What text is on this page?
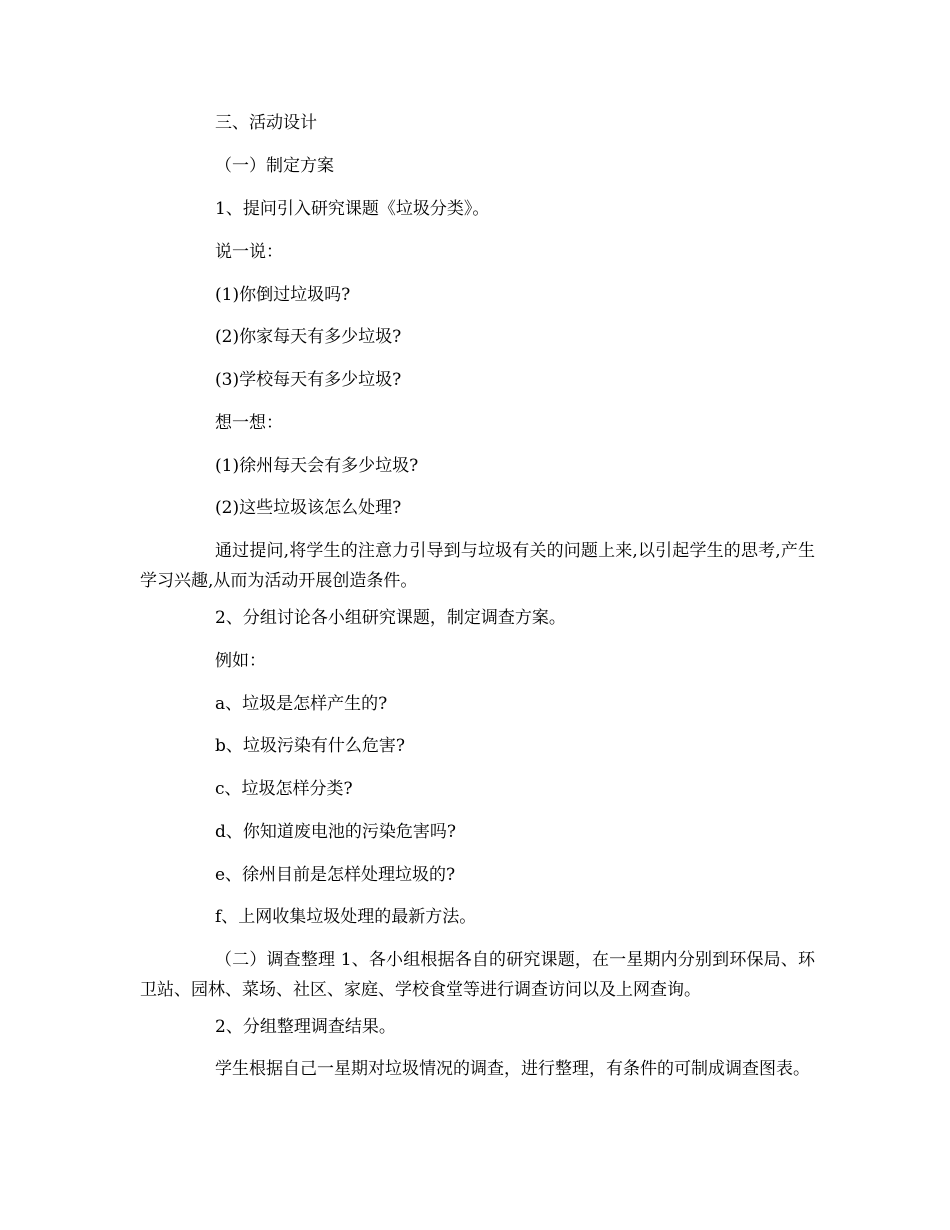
三、活动设计
（一）制定方案
1、提问引入研究课题《垃圾分类》。
说一说：
(1)你倒过垃圾吗?
(2)你家每天有多少垃圾?
(3)学校每天有多少垃圾?
想一想：
(1)徐州每天会有多少垃圾?
(2)这些垃圾该怎么处理?
通过提问,将学生的注意力引导到与垃圾有关的问题上来,以引起学生的思考,产生学习兴趣,从而为活动开展创造条件。
2、分组讨论各小组研究课题，制定调查方案。
例如：
a、垃圾是怎样产生的?
b、垃圾污染有什么危害?
c、垃圾怎样分类?
d、你知道废电池的污染危害吗?
e、徐州目前是怎样处理垃圾的?
f、上网收集垃圾处理的最新方法。
（二）调查整理 1、各小组根据各自的研究课题，在一星期内分别到环保局、环卫站、园林、菜场、社区、家庭、学校食堂等进行调查访问以及上网查询。
2、分组整理调查结果。
学生根据自己一星期对垃圾情况的调查，进行整理，有条件的可制成调查图表。
